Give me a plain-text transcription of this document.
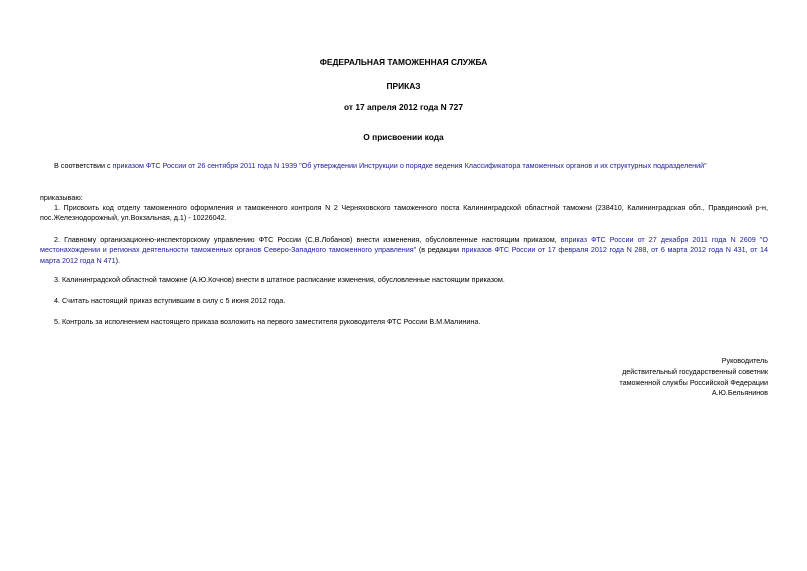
ФЕДЕРАЛЬНАЯ ТАМОЖЕННАЯ СЛУЖБА
ПРИКАЗ
от 17 апреля 2012 года N 727
О присвоении кода
В соответствии с приказом ФТС России от 26 сентября 2011 года N 1939 "Об утверждении Инструкции о порядке ведения Классификатора таможенных органов и их структурных подразделений"
приказываю:
1. Присвоить код отделу таможенного оформления и таможенного контроля N 2 Черняховского таможенного поста Калининградской областной таможни (238410, Калининградская обл., Правдинский р-н, пос.Железнодорожный, ул.Вокзальная, д.1) - 10226042.
2. Главному организационно-инспекторскому управлению ФТС России (С.В.Лобанов) внести изменения, обусловленные настоящим приказом, вприказ ФТС России от 27 декабря 2011 года N 2609 "О местонахождении и регионах деятельности таможенных органов Северо-Западного таможенного управления" (в редакции приказов ФТС России от 17 февраля 2012 года N 288, от 6 марта 2012 года N 431, от 14 марта 2012 года N 471).
3. Калининградской областной таможне (А.Ю.Кочнов) внести в штатное расписание изменения, обусловленные настоящим приказом.
4. Считать настоящий приказ вступившим в силу с 5 июня 2012 года.
5. Контроль за исполнением настоящего приказа возложить на первого заместителя руководителя ФТС России В.М.Малинина.
Руководитель
действительный государственный советник
таможенной службы Российской Федерации
А.Ю.Бельянинов
